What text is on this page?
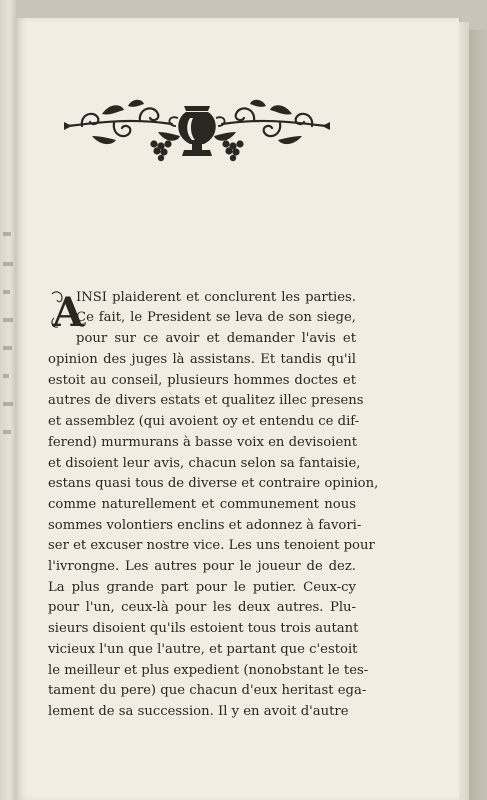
A
INSI plaiderent et conclurent les parties.
Ce fait, le President se leva de son siege,
pour sur ce avoir et demander l'avis et
opinion des juges là assistans. Et tandis qu'il
estoit au conseil, plusieurs hommes doctes et
autres de divers estats et qualitez illec presens
et assemblez (qui avoient oy et entendu ce dif-
ferend) murmurans à basse voix en devisoient
et disoient leur avis, chacun selon sa fantaisie,
estans quasi tous de diverse et contraire opinion,
comme naturellement et communement nous
sommes volontiers enclins et adonnez à favori-
ser et excuser nostre vice. Les uns tenoient pour
l'ivrongne. Les autres pour le joueur de dez.
La plus grande part pour le putier. Ceux-cy
pour l'un, ceux-là pour les deux autres. Plu-
sieurs disoient qu'ils estoient tous trois autant
vicieux l'un que l'autre, et partant que c'estoit
le meilleur et plus expedient (nonobstant le tes-
tament du pere) que chacun d'eux heritast ega-
lement de sa succession. Il y en avoit d'autre
